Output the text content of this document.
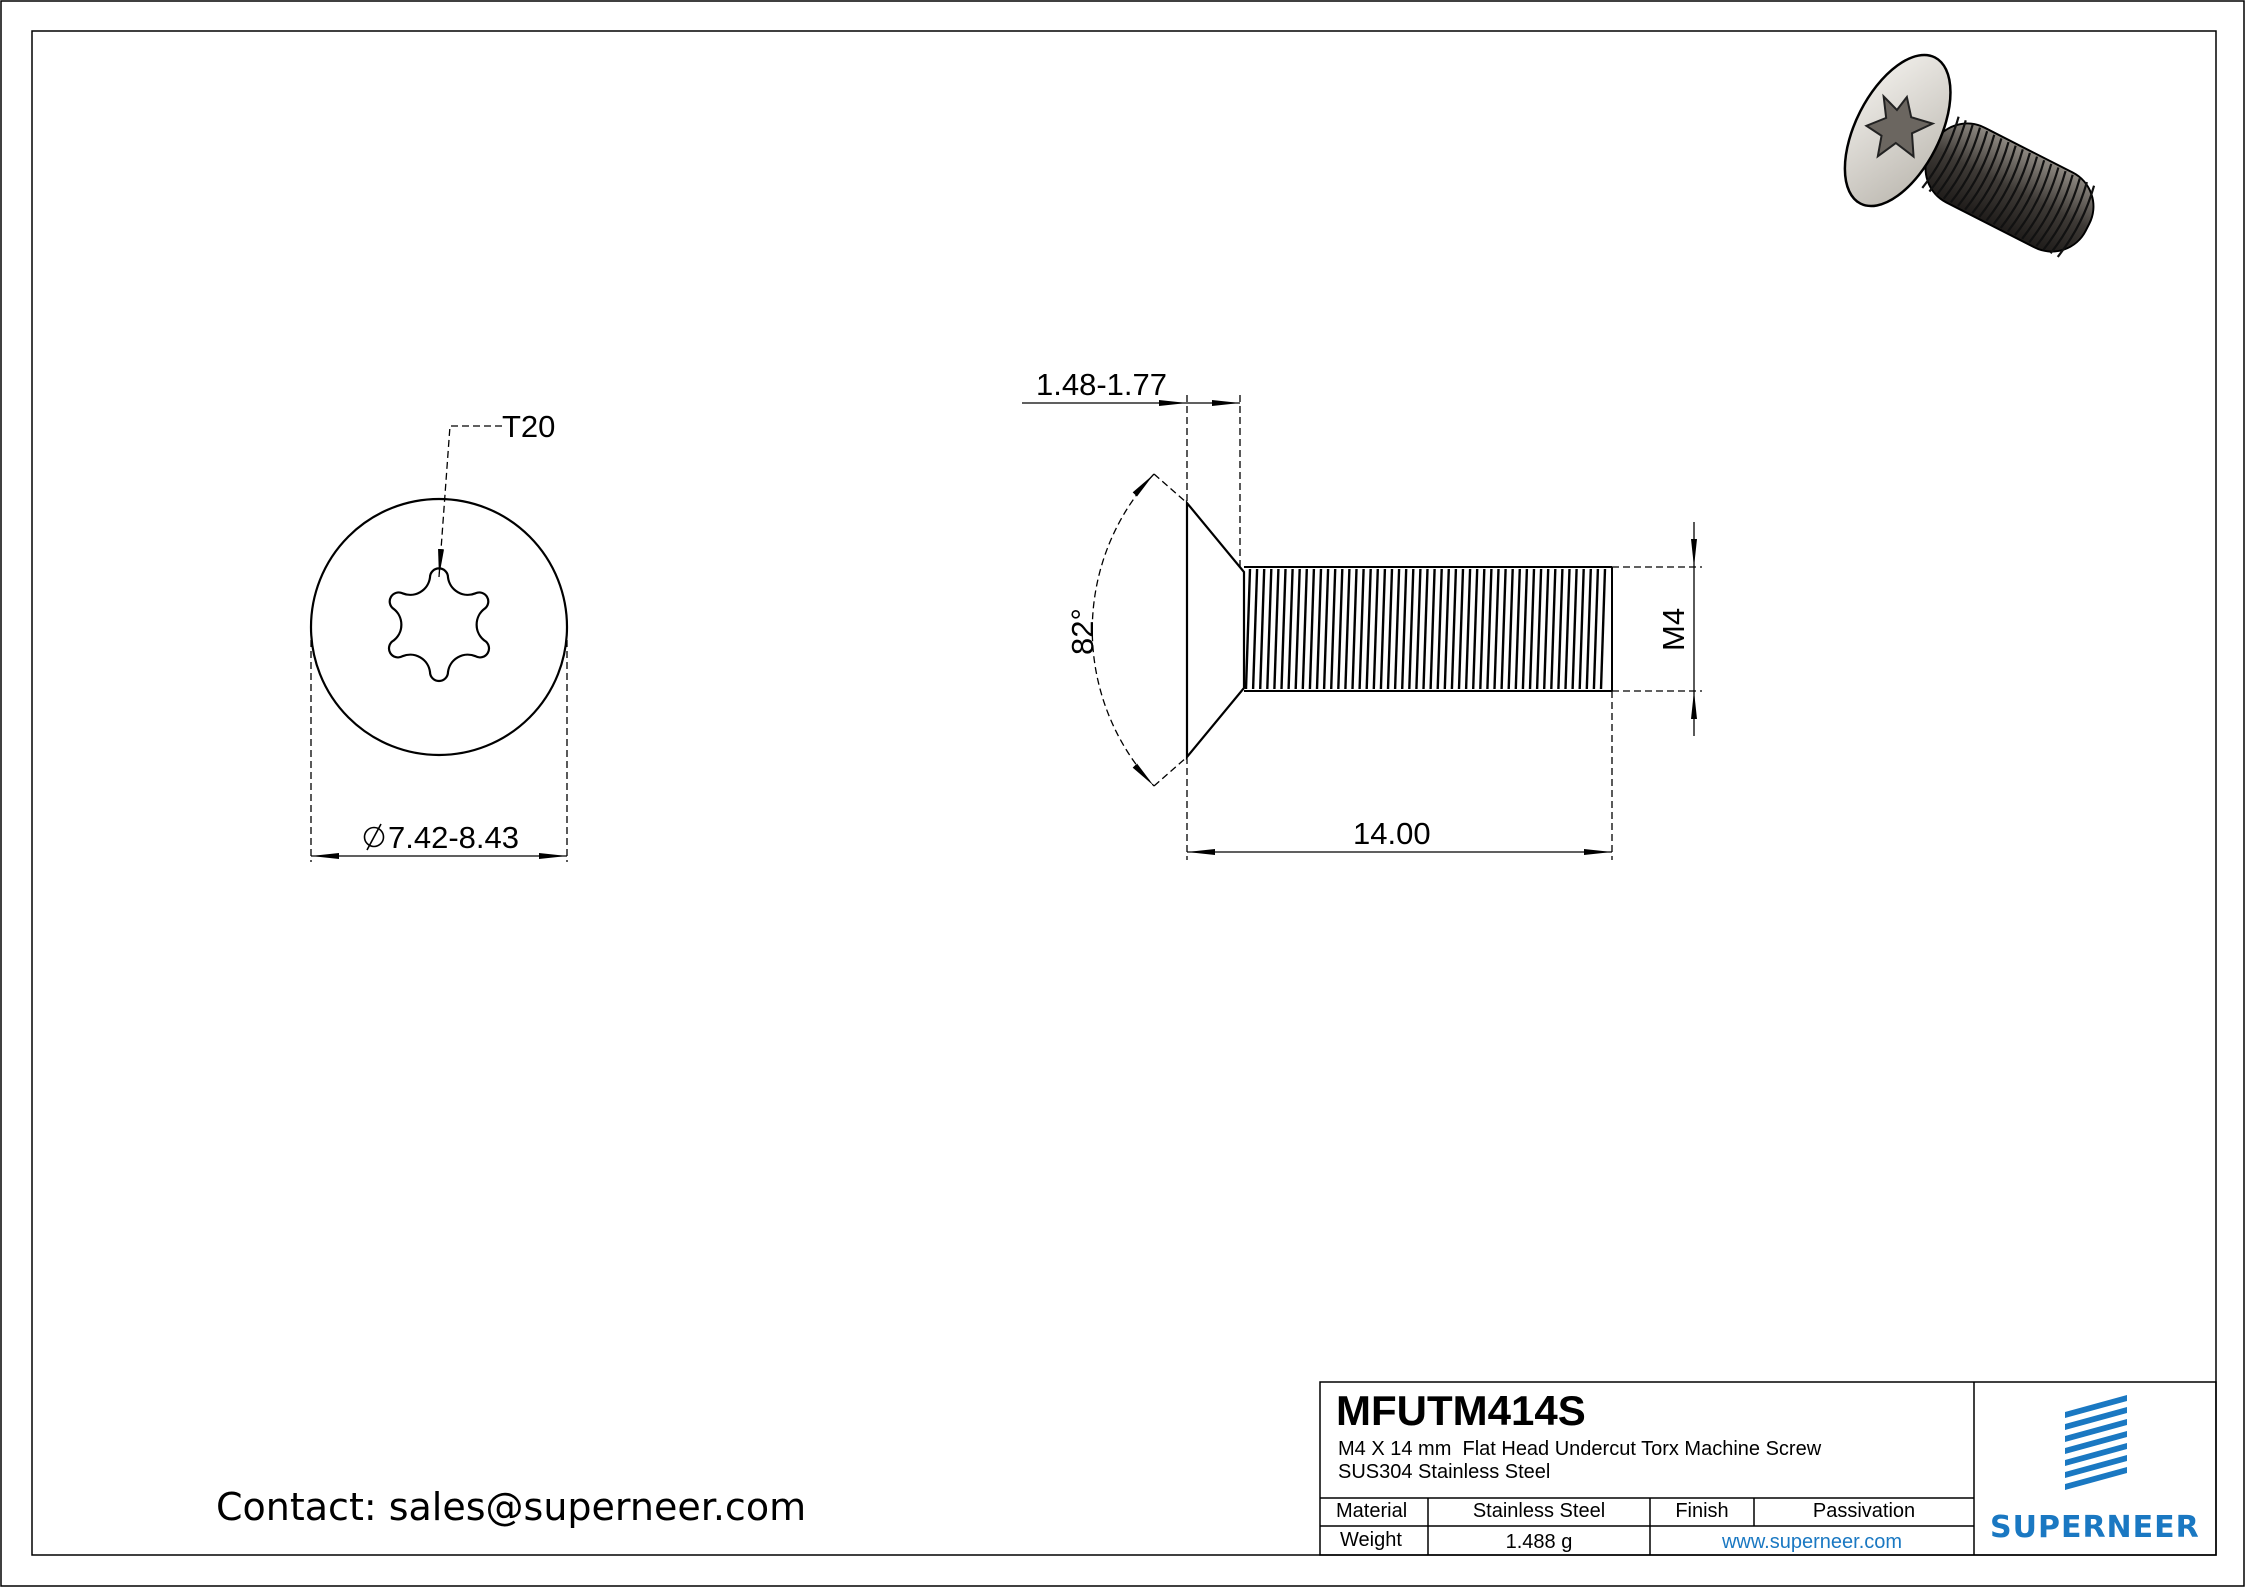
T20
7.42-8.43
1.48-1.77
82°	M4
14.00
MFUTM414S
M4 X 14 mm  Flat Head Undercut Torx Machine Screw
SUS304 Stainless Steel
Material	Stainless Steel	Finish	Passivation
Weight	1.488 g	www.superneer.com	SUPERNEER
Contact: sales@superneer.com
